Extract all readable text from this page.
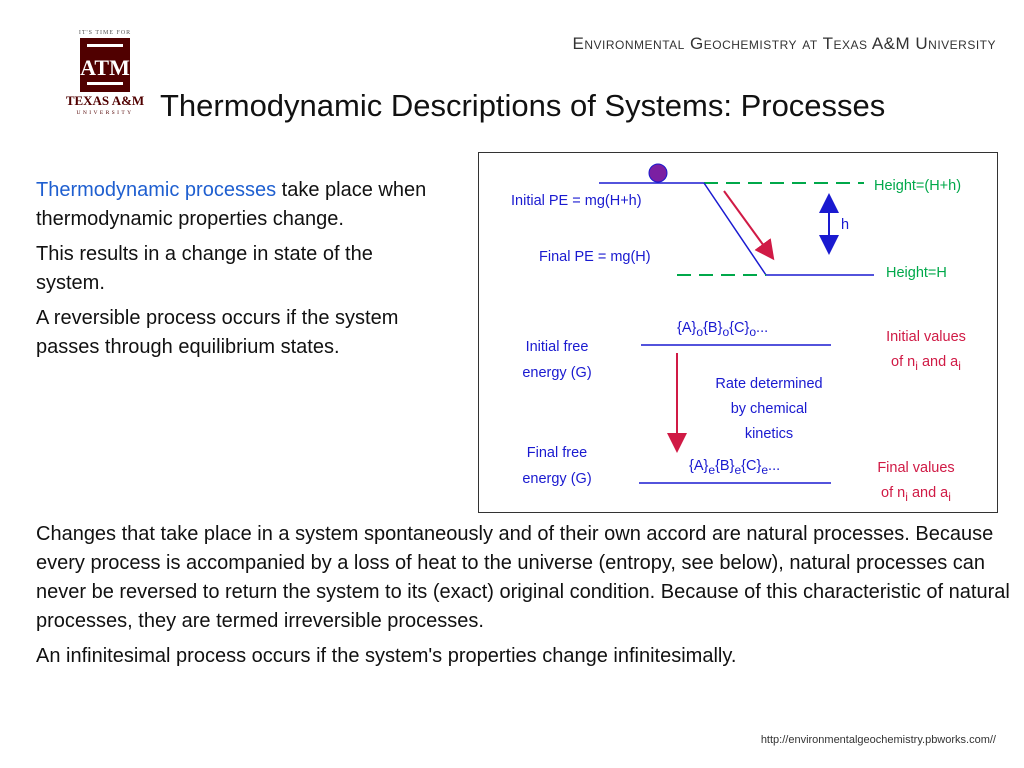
IT'S TIME FOR
ATM
TEXAS A&M
UNIVERSITY
Environmental Geochemistry at Texas A&M University
Thermodynamic Descriptions of Systems: Processes

Thermodynamic processes take place when thermodynamic properties change.

This results in a change in state of the system.

A reversible process occurs if the system passes through equilibrium states.

Initial PE = mg(H+h)
Final PE = mg(H)
Height=(H+h)
Height=H
h
$\{A\}_o\{B\}_o\{C\}_o$...
Initial free
energy (G)
Rate determined
by chemical
kinetics
Initial values
of $n_i$ and $a_i$
Final free
energy (G)
$\{A\}_e\{B\}_e\{C\}_e$...	Final values
of $n_i$ and $a_i$

Changes that take place in a system spontaneously and of their own accord are natural processes. Because every process is accompanied by a loss of heat to the universe (entropy, see below), natural processes can never be reversed to return the system to its (exact) original condition. Because of this characteristic of natural processes, they are termed irreversible processes.

An infinitesimal process occurs if the system's properties change infinitesimally.

http://environmentalgeochemistry.pbworks.com//
